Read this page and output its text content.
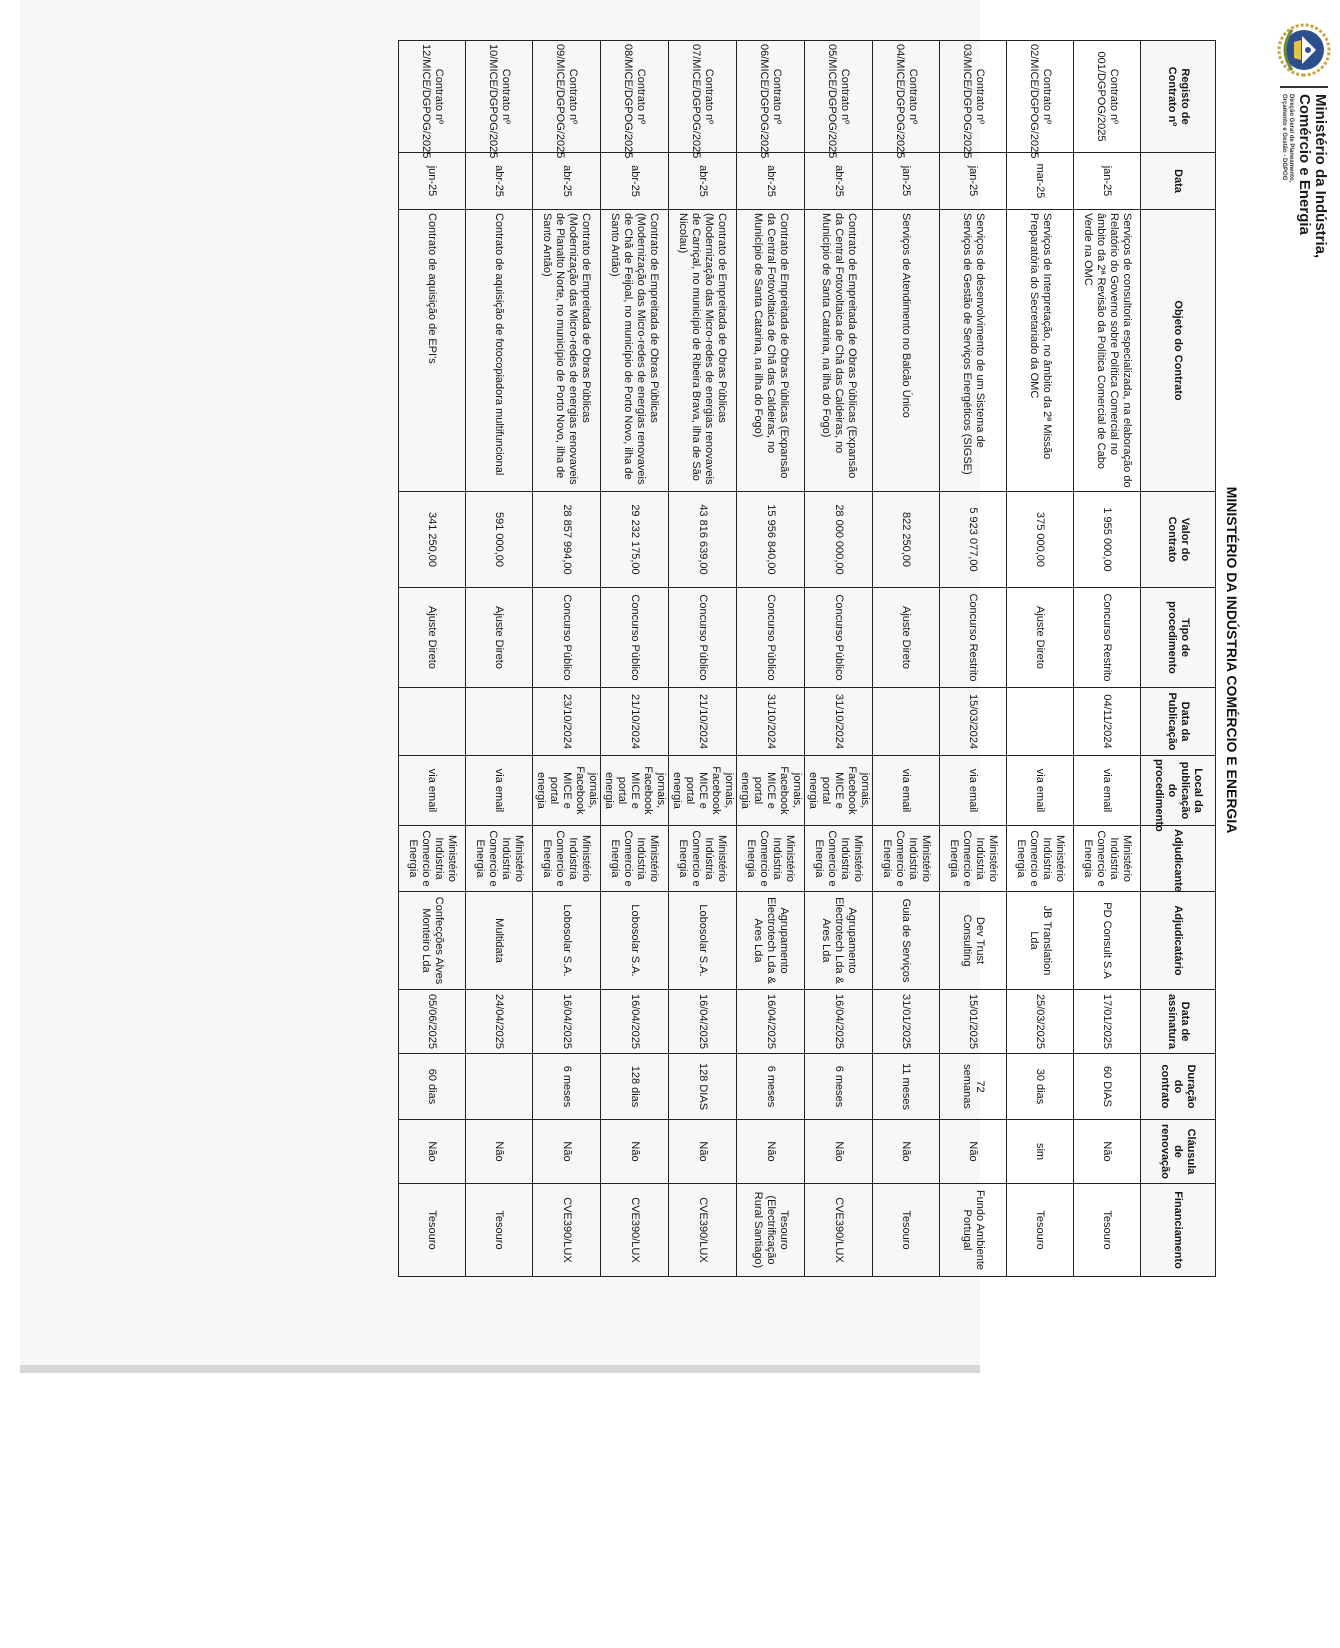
Ministério da Indústria,
Comércio e Energia
Direção Geral de Planeamento,
Orçamento e Gestão - DGPOG
MINISTÉRIO DA INDÚSTRIA COMÉRCIO E ENERGIA
Registo de Contrato nº	Data	Objeto do Contrato	Valor do Contrato	Tipo de procedimento	Data da Publicação	Local da publicação do procedimento	Adjudicante	Adjudicatário	Data de assinatura	Duração do contrato	Cláusula de renovação	Financiamento
Contrato nº 001/DGPOG/2025	jan-25	Serviços de consultoria especializada, na elaboração do Relatório do Governo sobre Política Comercial no âmbito da 2ª Revisão da Política Comercial de Cabo Verde na OMC	1 955 000,00	Concurso Restrito	04/11/2024	via email	Ministério Indústria Comercio e Energia	PD Consult S.A	17/01/2025	60 DIAS	Não	Tesouro
Contrato nº 02/MICE/DGPOG/2025	mar-25	Serviços de Interpretação, no âmbito da 2ª Missão Preparatória do Secretariado da OMC	375 000,00	Ajuste Direto		via email	Ministério Indústria Comercio e Energia	JB Translation Lda	25/03/2025	30 dias	sim	Tesouro
Contrato nº 03/MICE/DGPOG/2025	jan-25	Serviços de desenvolvimento de um Sistema de Serviços de Gestão de Serviços Energéticos (SIGSE)	5 923 077,00	Concurso Restrito	15/03/2024	via email	Ministério Indústria Comercio e Energia	Dev Trust Consulting	15/01/2025	72 semanas	Não	Fundo Ambiente Portugal
Contrato nº 04/MICE/DGPOG/2025	jan-25	Serviços de Atendimento no Balcão Único	822 250,00	Ajuste Direto		via email	Ministério Indústria Comercio e Energia	Guia de Serviços	31/01/2025	11 meses	Não	Tesouro
Contrato nº 05/MICE/DGPOG/2025	abr-25	Contrato de Empreitada de Obras Públicas (Expansão da Central Fotovoltaica de Chã das Caldeiras, no Município de Santa Catarina, na ilha do Fogo)	28 000 000,00	Concurso Público	31/10/2024	jornais, Facebook MICE e portal energia	Ministério Indústria Comercio e Energia	Agrupamento Electrotech Lda & Ares Lda	16/04/2025	6 meses	Não	CVE390/LUX
Contrato nº 06/MICE/DGPOG/2025	abr-25	Contrato de Empreitada de Obras Públicas (Expansão da Central Fotovoltaica de Chã das Caldeiras, no Município de Santa Catarina, na ilha do Fogo)	15 956 840,00	Concurso Público	31/10/2024	jornais, Facebook MICE e portal energia	Ministério Indústria Comercio e Energia	Agrupamento Electrotech Lda & Ares Lda	16/04/2025	6 meses	Não	Tesouro (Electrificação Rural Santiago)
Contrato nº 07/MICE/DGPOG/2025	abr-25	Contrato de Empreitada de Obras Públicas (Modernização das Micro-redes de energias renovaveis de Carriçal, no município de Ribeira Brava, ilha de São Nicolau)	43 816 639,00	Concurso Público	21/10/2024	jornais, Facebook MICE e portal energia	Ministério Indústria Comercio e Energia	Lobosolar S.A.	16/04/2025	128 DIAS	Não	CVE390/LUX
Contrato nº 08/MICE/DGPOG/2025	abr-25	Contrato de Empreitada de Obras Públicas (Modernização das Micro-redes de energias renovaveis de Chã de Feijoal, no município de Porto Novo, ilha de Santo Antão)	29 232 175,00	Concurso Público	21/10/2024	jornais, Facebook MICE e portal energia	Ministério Indústria Comercio e Energia	Lobosolar S.A.	16/04/2025	128 dias	Não	CVE390/LUX
Contrato nº 09/MICE/DGPOG/2025	abr-25	Contrato de Empreitada de Obras Públicas (Modernização das Micro-redes de energias renovaveis de Planalto Norte, no município de Porto Novo, ilha de Santo Antão)	28 857 994,00	Concurso Público	23/10/2024	jornais, Facebook MICE e portal energia	Ministério Indústria Comercio e Energia	Lobosolar S.A.	16/04/2025	6 meses	Não	CVE390/LUX
Contrato nº 10/MICE/DGPOG/2025	abr-25	Contrato de aquisição de fotocopiadora multifuncional	591 000,00	Ajuste Direto		via email	Ministério Indústria Comercio e Energia	Multidata	24/04/2025		Não	Tesouro
Contrato nº 12/MICE/DGPOG/2025	jun-25	Contrato de aquisição de EPI's	341 250,00	Ajuste Direto		via email	Ministério Indústria Comercio e Energia	Confecções Alves Monteiro Lda	05/06/2025	60 dias	Não	Tesouro
